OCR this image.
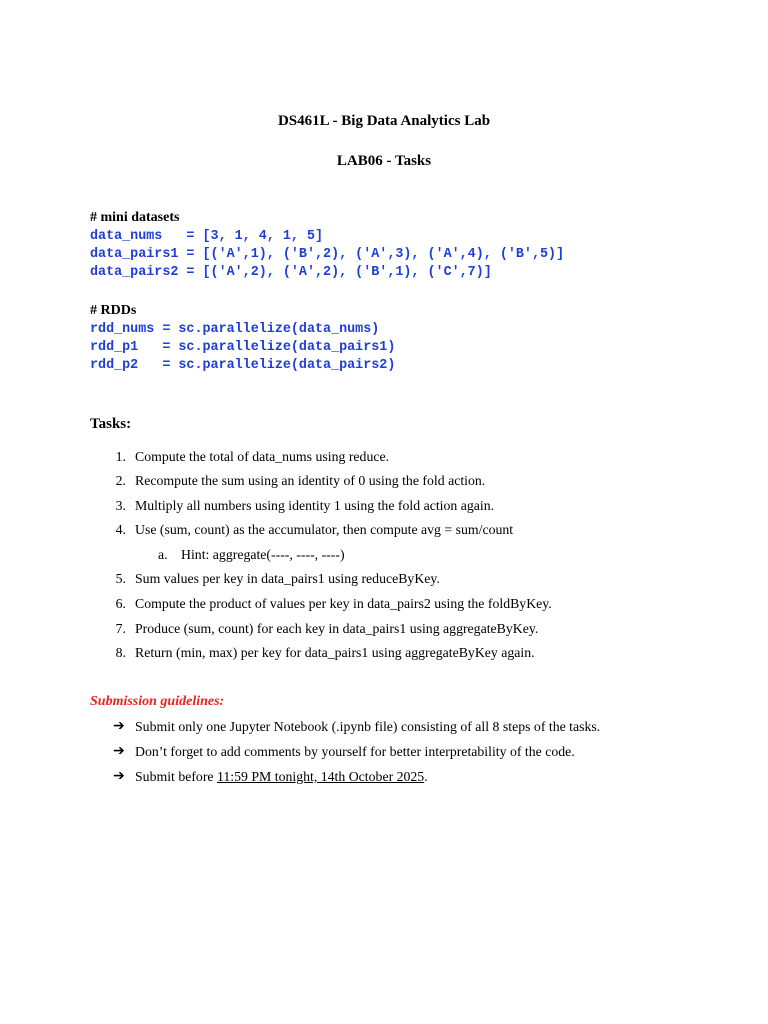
DS461L - Big Data Analytics Lab
LAB06 - Tasks
# mini datasets
data_nums   = [3, 1, 4, 1, 5]
data_pairs1 = [('A',1), ('B',2), ('A',3), ('A',4), ('B',5)]
data_pairs2 = [('A',2), ('A',2), ('B',1), ('C',7)]
# RDDs
rdd_nums = sc.parallelize(data_nums)
rdd_p1   = sc.parallelize(data_pairs1)
rdd_p2   = sc.parallelize(data_pairs2)
Tasks:
1. Compute the total of data_nums using reduce.
2. Recompute the sum using an identity of 0 using the fold action.
3. Multiply all numbers using identity 1 using the fold action again.
4. Use (sum, count) as the accumulator, then compute avg = sum/count
a. Hint: aggregate(----, ----, ----)
5. Sum values per key in data_pairs1 using reduceByKey.
6. Compute the product of values per key in data_pairs2 using the foldByKey.
7. Produce (sum, count) for each key in data_pairs1 using aggregateByKey.
8. Return (min, max) per key for data_pairs1 using aggregateByKey again.
Submission guidelines:
➔ Submit only one Jupyter Notebook (.ipynb file) consisting of all 8 steps of the tasks.
➔ Don’t forget to add comments by yourself for better interpretability of the code.
➔ Submit before 11:59 PM tonight, 14th October 2025.
